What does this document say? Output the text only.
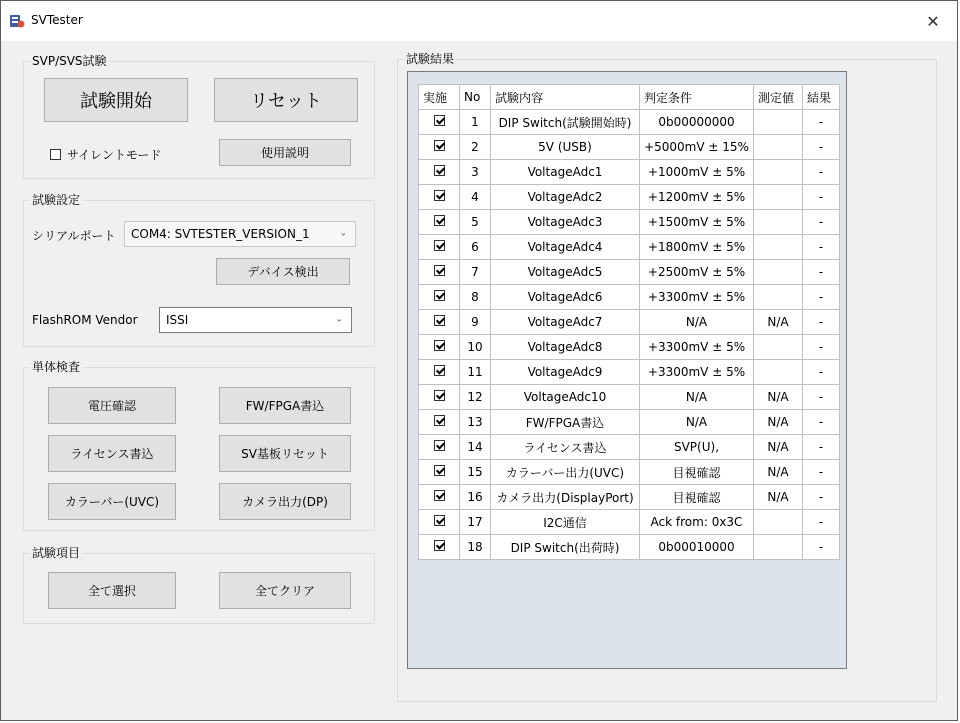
SVTester	✕
SVP/SVS試験
試験開始	リセット
サイレントモード	使用説明
試験設定
シリアルポート COM4: SVTESTER_VERSION_1	⌄
デバイス検出
FlashROM Vendor ISSI	⌄
単体検査
電圧確認	FW/FPGA書込
ライセンス書込	SV基板リセット
カラーバー(UVC)	カメラ出力(DP)
試験項目
全て選択	全てクリア
試験結果
実施	No	試験内容	判定条件	測定値	結果
	1	DIP Switch(試験開始時)	0b00000000		-
	2	5V (USB)	+5000mV ± 15%		-
	3	VoltageAdc1	+1000mV ± 5%		-
	4	VoltageAdc2	+1200mV ± 5%		-
	5	VoltageAdc3	+1500mV ± 5%		-
	6	VoltageAdc4	+1800mV ± 5%		-
	7	VoltageAdc5	+2500mV ± 5%		-
	8	VoltageAdc6	+3300mV ± 5%		-
	9	VoltageAdc7	N/A	N/A	-
	10	VoltageAdc8	+3300mV ± 5%		-
	11	VoltageAdc9	+3300mV ± 5%		-
	12	VoltageAdc10	N/A	N/A	-
	13	FW/FPGA書込	N/A	N/A	-
	14	ライセンス書込	SVP(U),	N/A	-
	15	カラーバー出力(UVC)	目視確認	N/A	-
	16	カメラ出力(DisplayPort)	目視確認	N/A	-
	17	I2C通信	Ack from: 0x3C		-
	18	DIP Switch(出荷時)	0b00010000		-
